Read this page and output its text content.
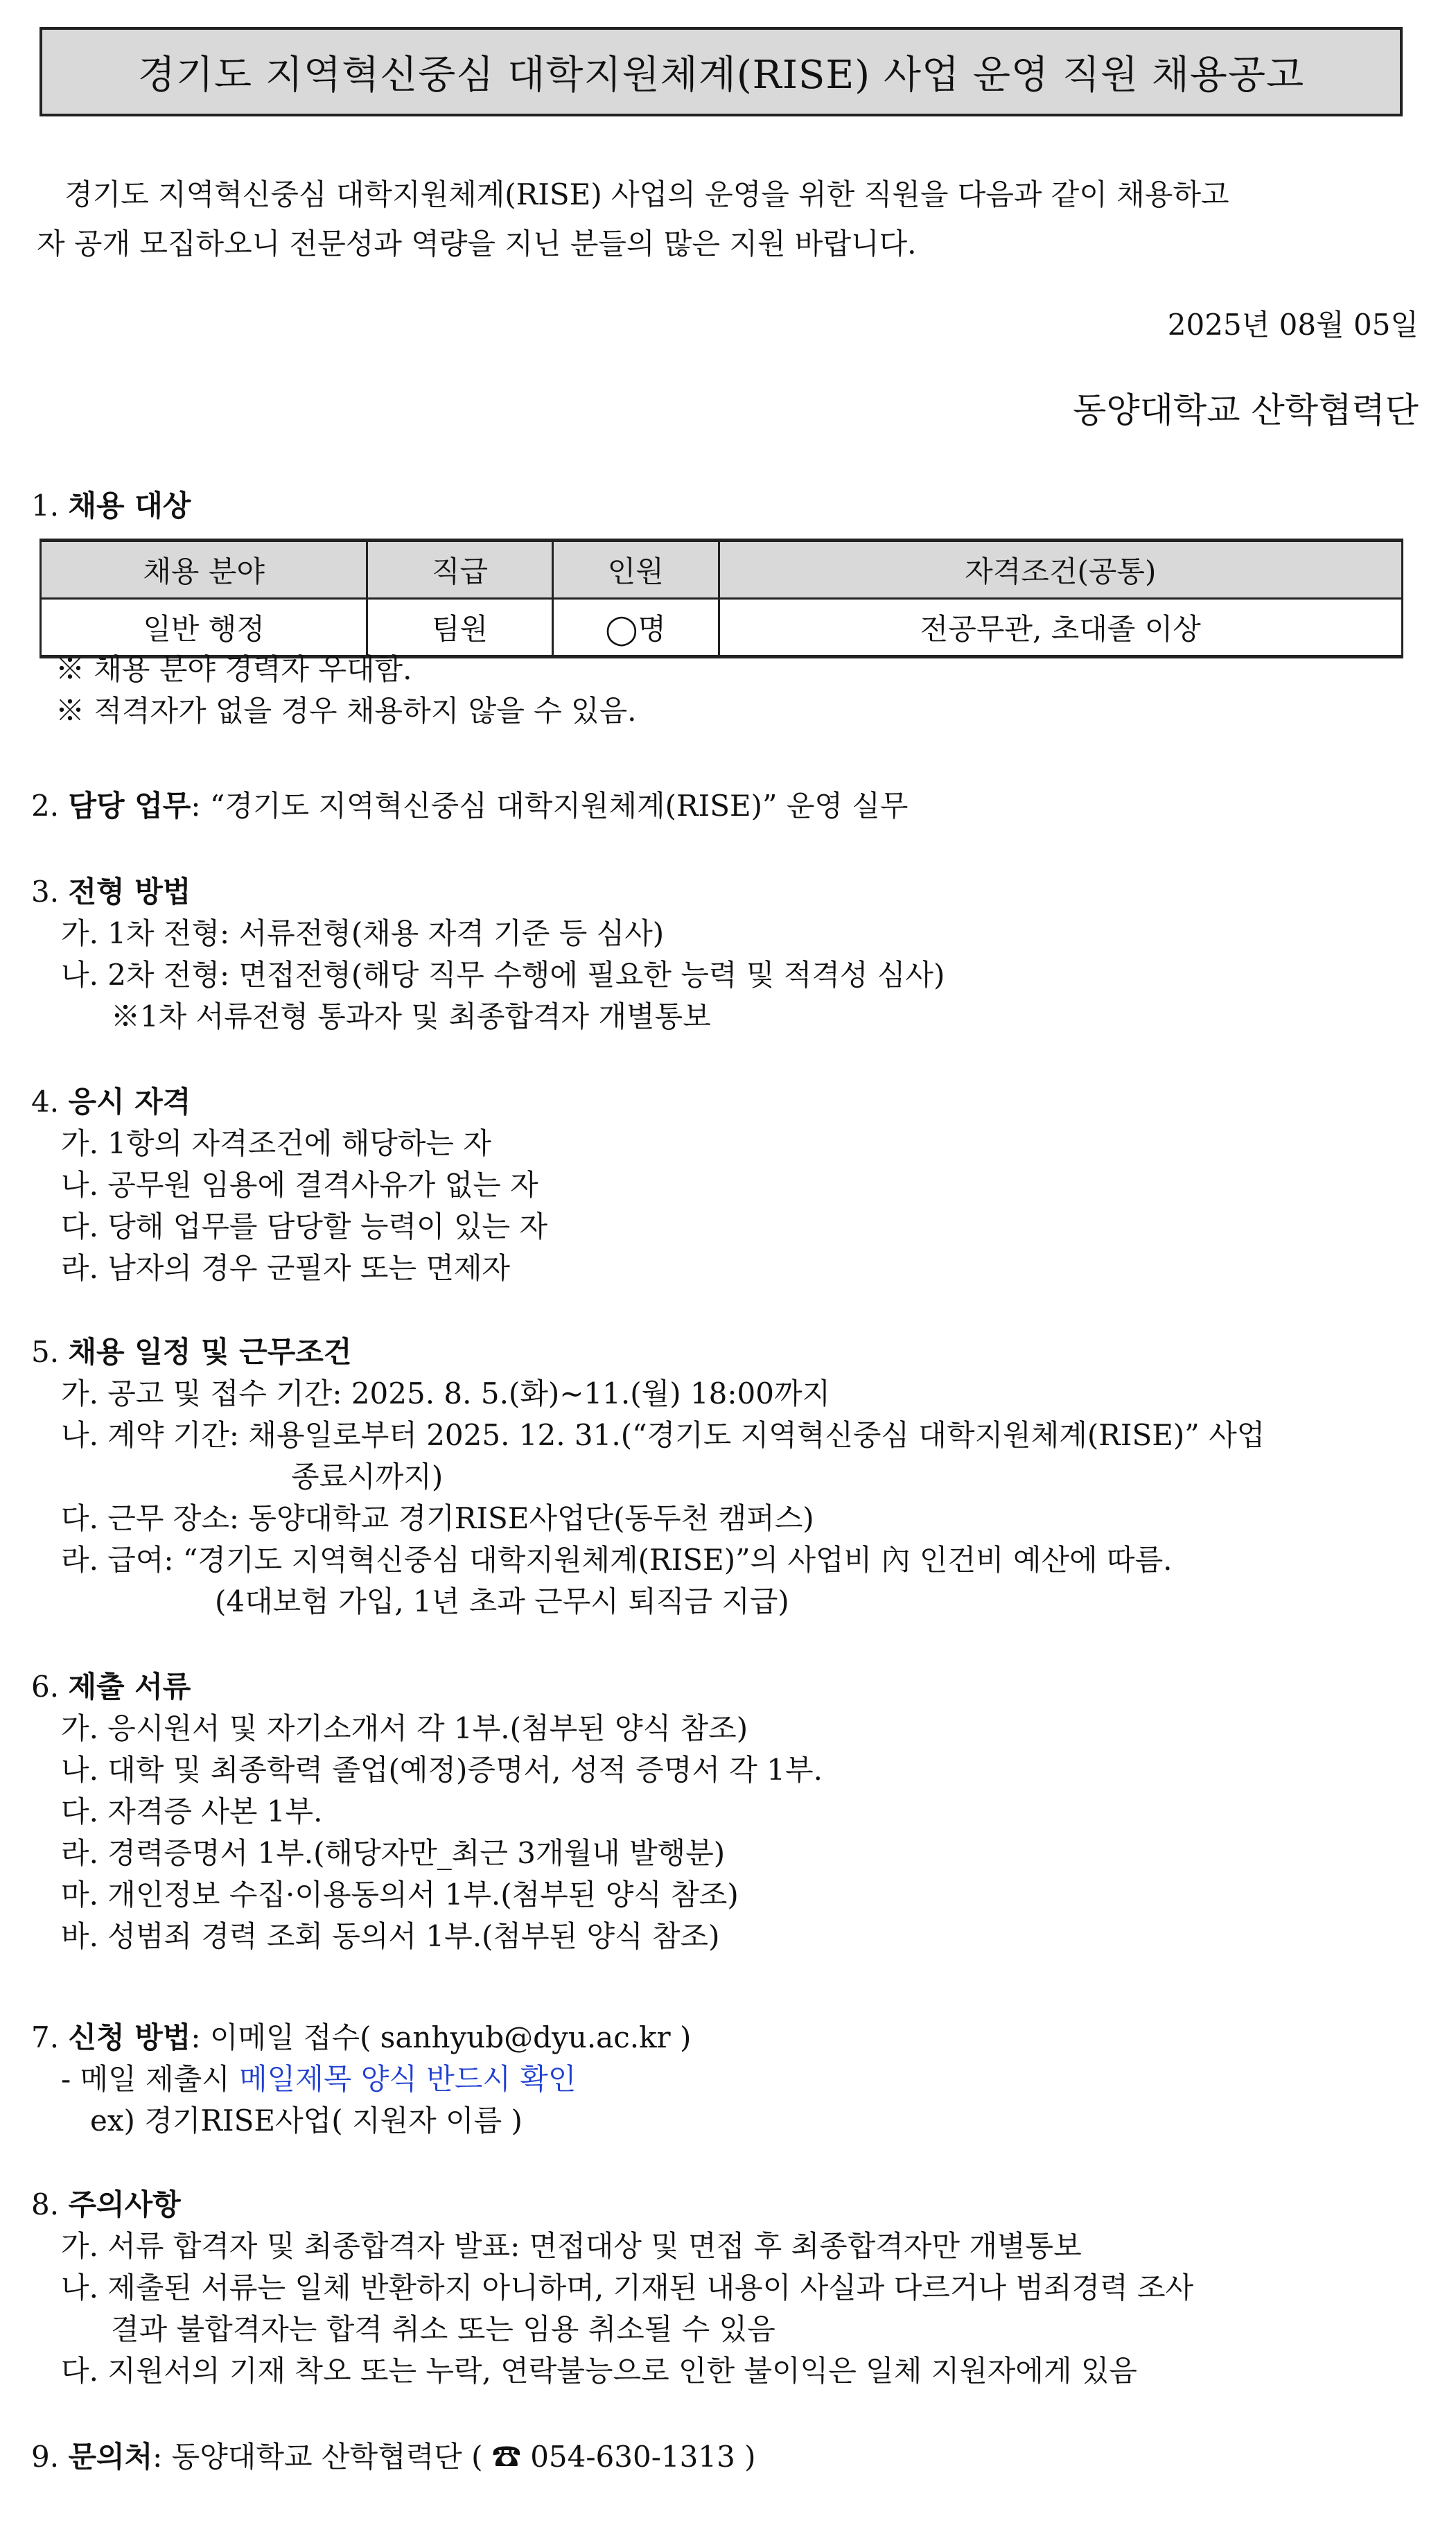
경기도 지역혁신중심 대학지원체계(RISE) 사업 운영 직원 채용공고
경기도 지역혁신중심 대학지원체계(RISE) 사업의 운영을 위한 직원을 다음과 같이 채용하고
자 공개 모집하오니 전문성과 역량을 지닌 분들의 많은 지원 바랍니다.
2025년 08월 05일
동양대학교 산학협력단
1. 채용 대상
채용 분야	직급	인원	자격조건(공통)
일반 행정	팀원	◯명	전공무관, 초대졸 이상
※ 채용 분야 경력자 우대함.
※ 적격자가 없을 경우 채용하지 않을 수 있음.
2. 담당 업무: “경기도 지역혁신중심 대학지원체계(RISE)” 운영 실무
3. 전형 방법
가. 1차 전형: 서류전형(채용 자격 기준 등 심사)
나. 2차 전형: 면접전형(해당 직무 수행에 필요한 능력 및 적격성 심사)
※1차 서류전형 통과자 및 최종합격자 개별통보
4. 응시 자격
가. 1항의 자격조건에 해당하는 자
나. 공무원 임용에 결격사유가 없는 자
다. 당해 업무를 담당할 능력이 있는 자
라. 남자의 경우 군필자 또는 면제자
5. 채용 일정 및 근무조건
가. 공고 및 접수 기간: 2025. 8. 5.(화)~11.(월) 18:00까지
나. 계약 기간: 채용일로부터 2025. 12. 31.(“경기도 지역혁신중심 대학지원체계(RISE)” 사업
종료시까지)
다. 근무 장소: 동양대학교 경기RISE사업단(동두천 캠퍼스)
라. 급여: “경기도 지역혁신중심 대학지원체계(RISE)”의 사업비 內 인건비 예산에 따름.
(4대보험 가입, 1년 초과 근무시 퇴직금 지급)
6. 제출 서류
가. 응시원서 및 자기소개서 각 1부.(첨부된 양식 참조)
나. 대학 및 최종학력 졸업(예정)증명서, 성적 증명서 각 1부.
다. 자격증 사본 1부.
라. 경력증명서 1부.(해당자만_최근 3개월내 발행분)
마. 개인정보 수집·이용동의서 1부.(첨부된 양식 참조)
바. 성범죄 경력 조회 동의서 1부.(첨부된 양식 참조)
7. 신청 방법: 이메일 접수( sanhyub@dyu.ac.kr )
- 메일 제출시 메일제목 양식 반드시 확인
ex) 경기RISE사업( 지원자 이름 )
8. 주의사항
가. 서류 합격자 및 최종합격자 발표: 면접대상 및 면접 후 최종합격자만 개별통보
나. 제출된 서류는 일체 반환하지 아니하며, 기재된 내용이 사실과 다르거나 범죄경력 조사
결과 불합격자는 합격 취소 또는 임용 취소될 수 있음
다. 지원서의 기재 착오 또는 누락, 연락불능으로 인한 불이익은 일체 지원자에게 있음
9. 문의처: 동양대학교 산학협력단 ( ☎ 054-630-1313 )
